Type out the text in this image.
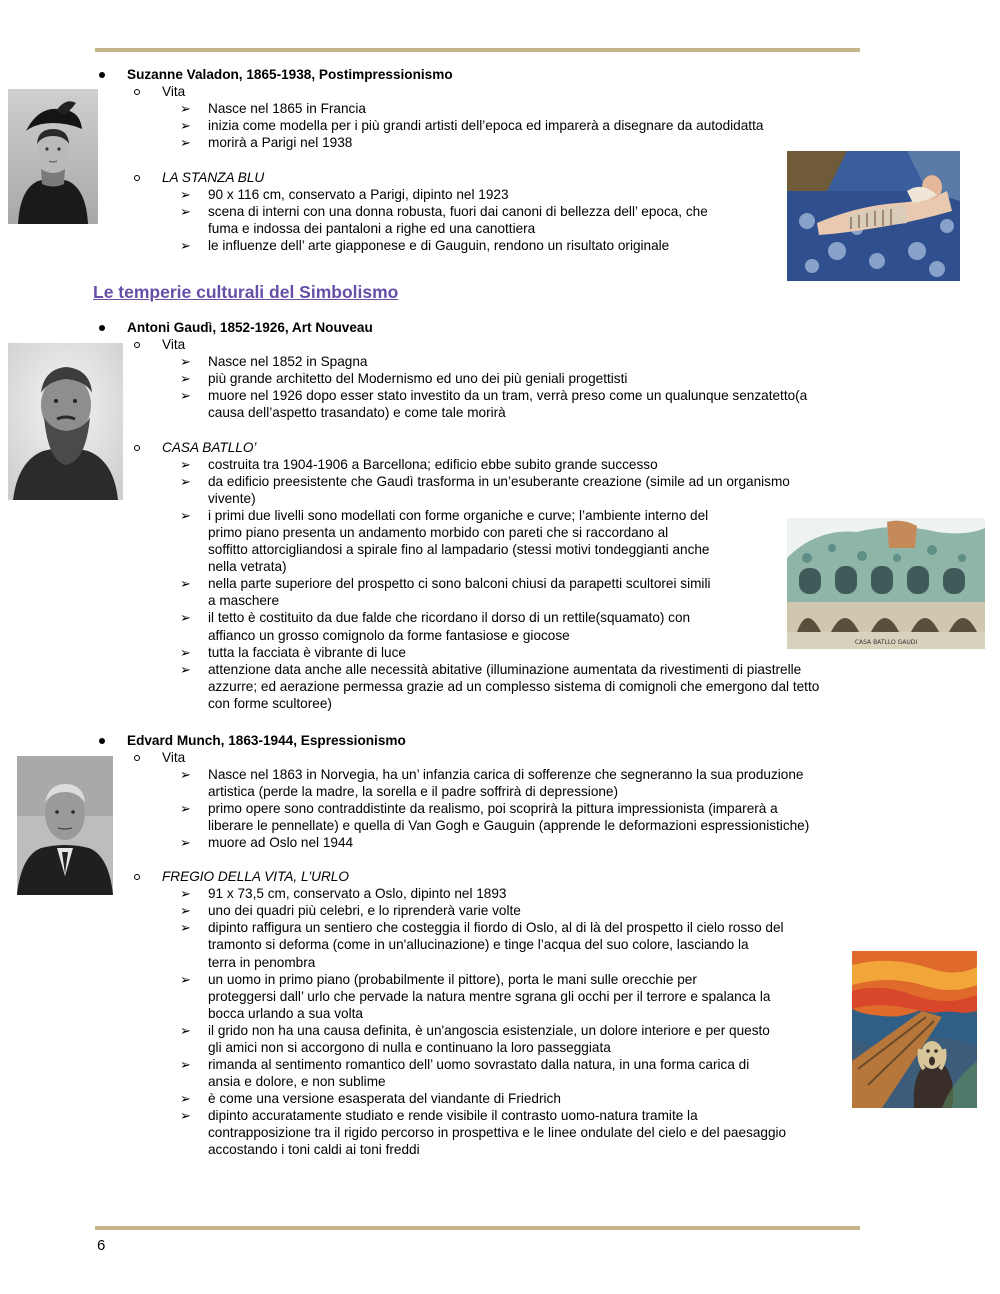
Suzanne Valadon, 1865-1938, Postimpressionismo
Vita
➢ Nasce nel 1865 in Francia
➢ inizia come modella per i più grandi artisti dell’epoca ed imparerà a disegnare da autodidatta
➢ morirà a Parigi nel 1938
LA STANZA BLU
➢ 90 x 116 cm, conservato a Parigi, dipinto nel 1923
➢ scena di interni con una donna robusta, fuori dai canoni di bellezza dell’ epoca, che
fuma e indossa dei pantaloni a righe ed una canottiera
➢ le influenze dell’ arte giapponese e di Gauguin, rendono un risultato originale
Le temperie culturali del Simbolismo
Antoni Gaudì, 1852-1926, Art Nouveau
Vita
➢ Nasce nel 1852 in Spagna
➢ più grande architetto del Modernismo ed uno dei più geniali progettisti
➢ muore nel 1926 dopo esser stato investito da un tram, verrà preso come un qualunque senzatetto(a
causa dell’aspetto trasandato) e come tale morirà
CASA BATLLO’
➢ costruita tra 1904-1906 a Barcellona; edificio ebbe subito grande successo
➢ da edificio preesistente che Gaudì trasforma in un’esuberante creazione (simile ad un organismo
vivente)
➢ i primi due livelli sono modellati con forme organiche e curve; l’ambiente interno del
primo piano presenta un andamento morbido con pareti che si raccordano al
soffitto attorcigliandosi a spirale fino al lampadario (stessi motivi tondeggianti anche
nella vetrata)
➢ nella parte superiore del prospetto ci sono balconi chiusi da parapetti scultorei simili
a maschere
➢ il tetto è costituito da due falde che ricordano il dorso di un rettile(squamato) con
affianco un grosso comignolo da forme fantasiose e giocose
➢ tutta la facciata è vibrante di luce
➢ attenzione data anche alle necessità abitative (illuminazione aumentata da rivestimenti di piastrelle
azzurre; ed aerazione permessa grazie ad un complesso sistema di comignoli che emergono dal tetto
con forme scultoree)
CASA BATLLO GAUDI
Edvard Munch, 1863-1944, Espressionismo
Vita
➢ Nasce nel 1863 in Norvegia, ha un’ infanzia carica di sofferenze che segneranno la sua produzione
artistica (perde la madre, la sorella e il padre soffrirà di depressione)
➢ primo opere sono contraddistinte da realismo, poi scoprirà la pittura impressionista (imparerà a
liberare le pennellate) e quella di Van Gogh e Gauguin (apprende le deformazioni espressionistiche)
➢ muore ad Oslo nel 1944
FREGIO DELLA VITA, L'URLO
➢ 91 x 73,5 cm, conservato a Oslo, dipinto nel 1893
➢ uno dei quadri più celebri, e lo riprenderà varie volte
➢ dipinto raffigura un sentiero che costeggia il fiordo di Oslo, al di là del prospetto il cielo rosso del
tramonto si deforma (come in un'allucinazione) e tinge l’acqua del suo colore, lasciando la
terra in penombra
➢ un uomo in primo piano (probabilmente il pittore), porta le mani sulle orecchie per
proteggersi dall’ urlo che pervade la natura mentre sgrana gli occhi per il terrore e spalanca la
bocca urlando a sua volta
➢ il grido non ha una causa definita, è un'angoscia esistenziale, un dolore interiore e per questo
gli amici non si accorgono di nulla e continuano la loro passeggiata
➢ rimanda al sentimento romantico dell’ uomo sovrastato dalla natura, in una forma carica di
ansia e dolore, e non sublime
➢ è come una versione esasperata del viandante di Friedrich
➢ dipinto accuratamente studiato e rende visibile il contrasto uomo-natura tramite la
contrapposizione tra il rigido percorso in prospettiva e le linee ondulate del cielo e del paesaggio
accostando i toni caldi ai toni freddi
6
